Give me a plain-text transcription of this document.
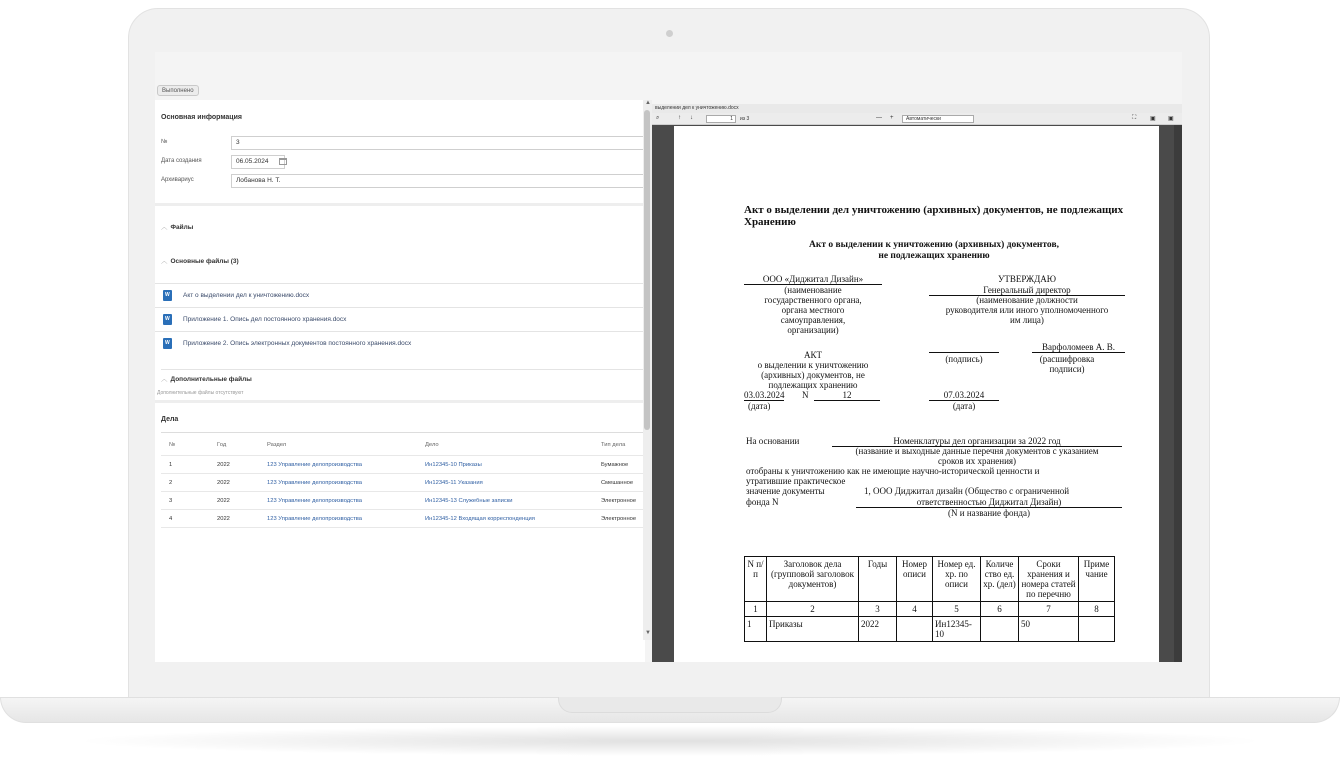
Выполнено
Основная информация
№	3
Дата создания	06.05.2024
Архивариус	Лобанова Н. Т.
︿ Файлы
︿ Основные файлы (3)
W
Акт о выделении дел к уничтожению.docx
W
Приложение 1. Опись дел постоянного хранения.docx
W
Приложение 2. Опись электронных документов постоянного хранения.docx
︿ Дополнительные файлы
Дополнительные файлы отсутствуют
Дела
№	Год	Раздел	Дело	Тип дела
1	2022	123 Управление делопроизводства	Ин12345-10 Приказы	Бумажное
2	2022	123 Управление делопроизводства	Ин12345-11 Указания	Смешанное
3	2022	123 Управление делопроизводства	Ин12345-13 Служебные записки	Электронное
4	2022	123 Управление делопроизводства	Ин12345-12 Входящая корреспонденция	Электронное
▲
▼
выделении дел к уничтожению.docx
⌕	↑ ↓	1	из 3	— +	Автоматически	⛶ ▣ ▣
Акт о выделении дел уничтожению (архивных) документов, не подлежащих Хранению
Акт о выделении к уничтожению (архивных) документов,
не подлежащих хранению
ООО «Диджитал Дизайн»
(наименование
государственного органа,
органа местного
самоуправления,
организации)
УТВЕРЖДАЮ
Генеральный директор
(наименование должности
руководителя или иного уполномоченного
им лица)

Варфоломеев А. В.
(подпись)	(расшифровка
подписи)
АКТ
о выделении к уничтожению
(архивных) документов, не
подлежащих хранению
03.03.2024 N	12
(дата)
07.03.2024
(дата)
На основании	Номенклатуры дел организации за 2022 год
(название и выходные данные перечня документов с указанием
сроков их хранения)
отобраны к уничтожению как не имеющие научно-исторической ценности и
утратившие практическое
значение документы	1, ООО Диджитал дизайн (Общество с ограниченной
фонда N	ответственностью Диджитал Дизайн)
(N и название фонда)
N п/п	Заголовок дела (групповой заголовок документов)	Годы	Номер описи	Номер ед. хр. по описи	Количе ство ед. хр. (дел)	Сроки хранения и номера статей по перечню	Приме чание
1	2	3	4	5	6	7	8
1	Приказы	2022		Ин12345-10		50	
